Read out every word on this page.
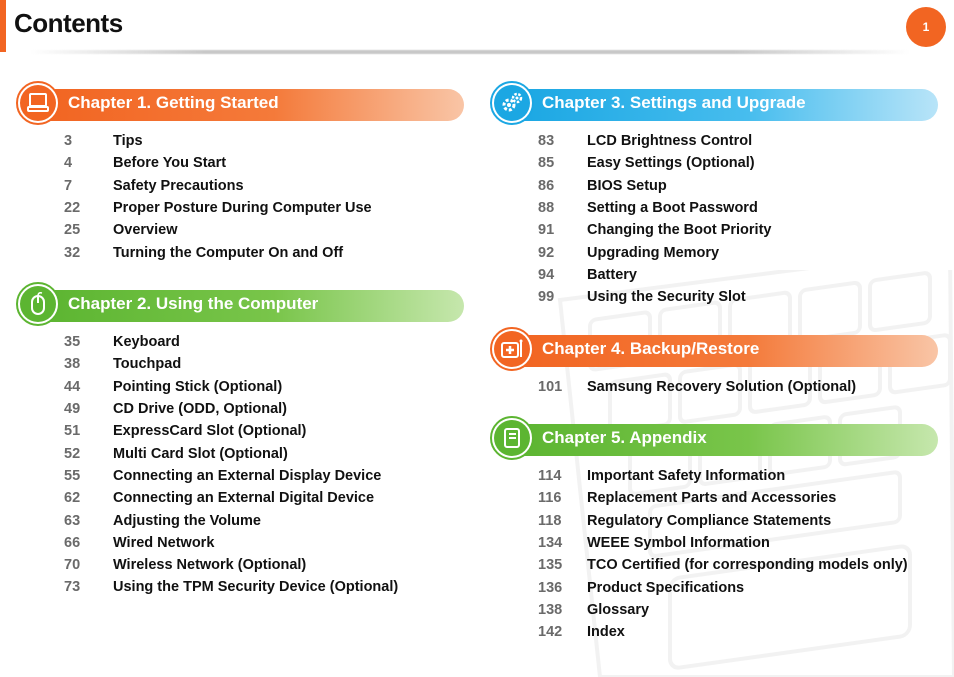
Contents	1
Chapter 1. Getting Started
3	Tips
4	Before You Start
7	Safety Precautions
22	Proper Posture During Computer Use
25	Overview
32	Turning the Computer On and Off
Chapter 2. Using the Computer
35	Keyboard
38	Touchpad
44	Pointing Stick (Optional)
49	CD Drive (ODD, Optional)
51	ExpressCard Slot (Optional)
52	Multi Card Slot (Optional)
55	Connecting an External Display Device
62	Connecting an External Digital Device
63	Adjusting the Volume
66	Wired Network
70	Wireless Network (Optional)
73	Using the TPM Security Device (Optional)
Chapter 3. Settings and Upgrade
83	LCD Brightness Control
85	Easy Settings (Optional)
86	BIOS Setup
88	Setting a Boot Password
91	Changing the Boot Priority
92	Upgrading Memory
94	Battery
99	Using the Security Slot
Chapter 4. Backup/Restore
101	Samsung Recovery Solution (Optional)
Chapter 5. Appendix
114	Important Safety Information
116	Replacement Parts and Accessories
118	Regulatory Compliance Statements
134	WEEE Symbol Information
135	TCO Certified (for corresponding models only)
136	Product Specifications
138	Glossary
142	Index
